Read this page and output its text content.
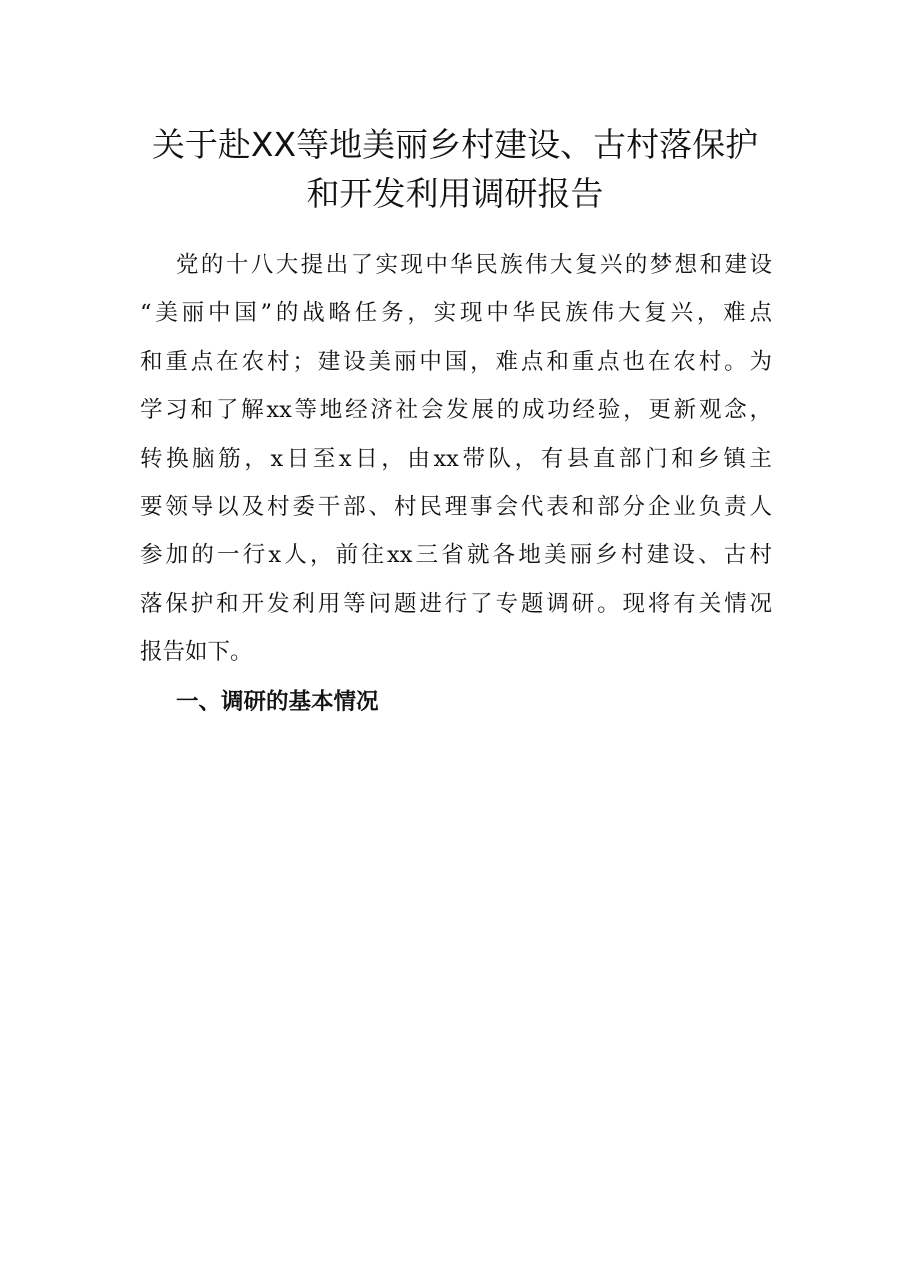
关于赴XX等地美丽乡村建设、古村落保护
和开发利用调研报告
党的十八大提出了实现中华民族伟大复兴的梦想和建设
“美丽中国”的战略任务，实现中华民族伟大复兴，难点
和重点在农村；建设美丽中国，难点和重点也在农村。为
学习和了解xx等地经济社会发展的成功经验，更新观念，
转换脑筋，x日至x日，由xx带队，有县直部门和乡镇主
要领导以及村委干部、村民理事会代表和部分企业负责人
参加的一行x人，前往xx三省就各地美丽乡村建设、古村
落保护和开发利用等问题进行了专题调研。现将有关情况
报告如下。
一、调研的基本情况
